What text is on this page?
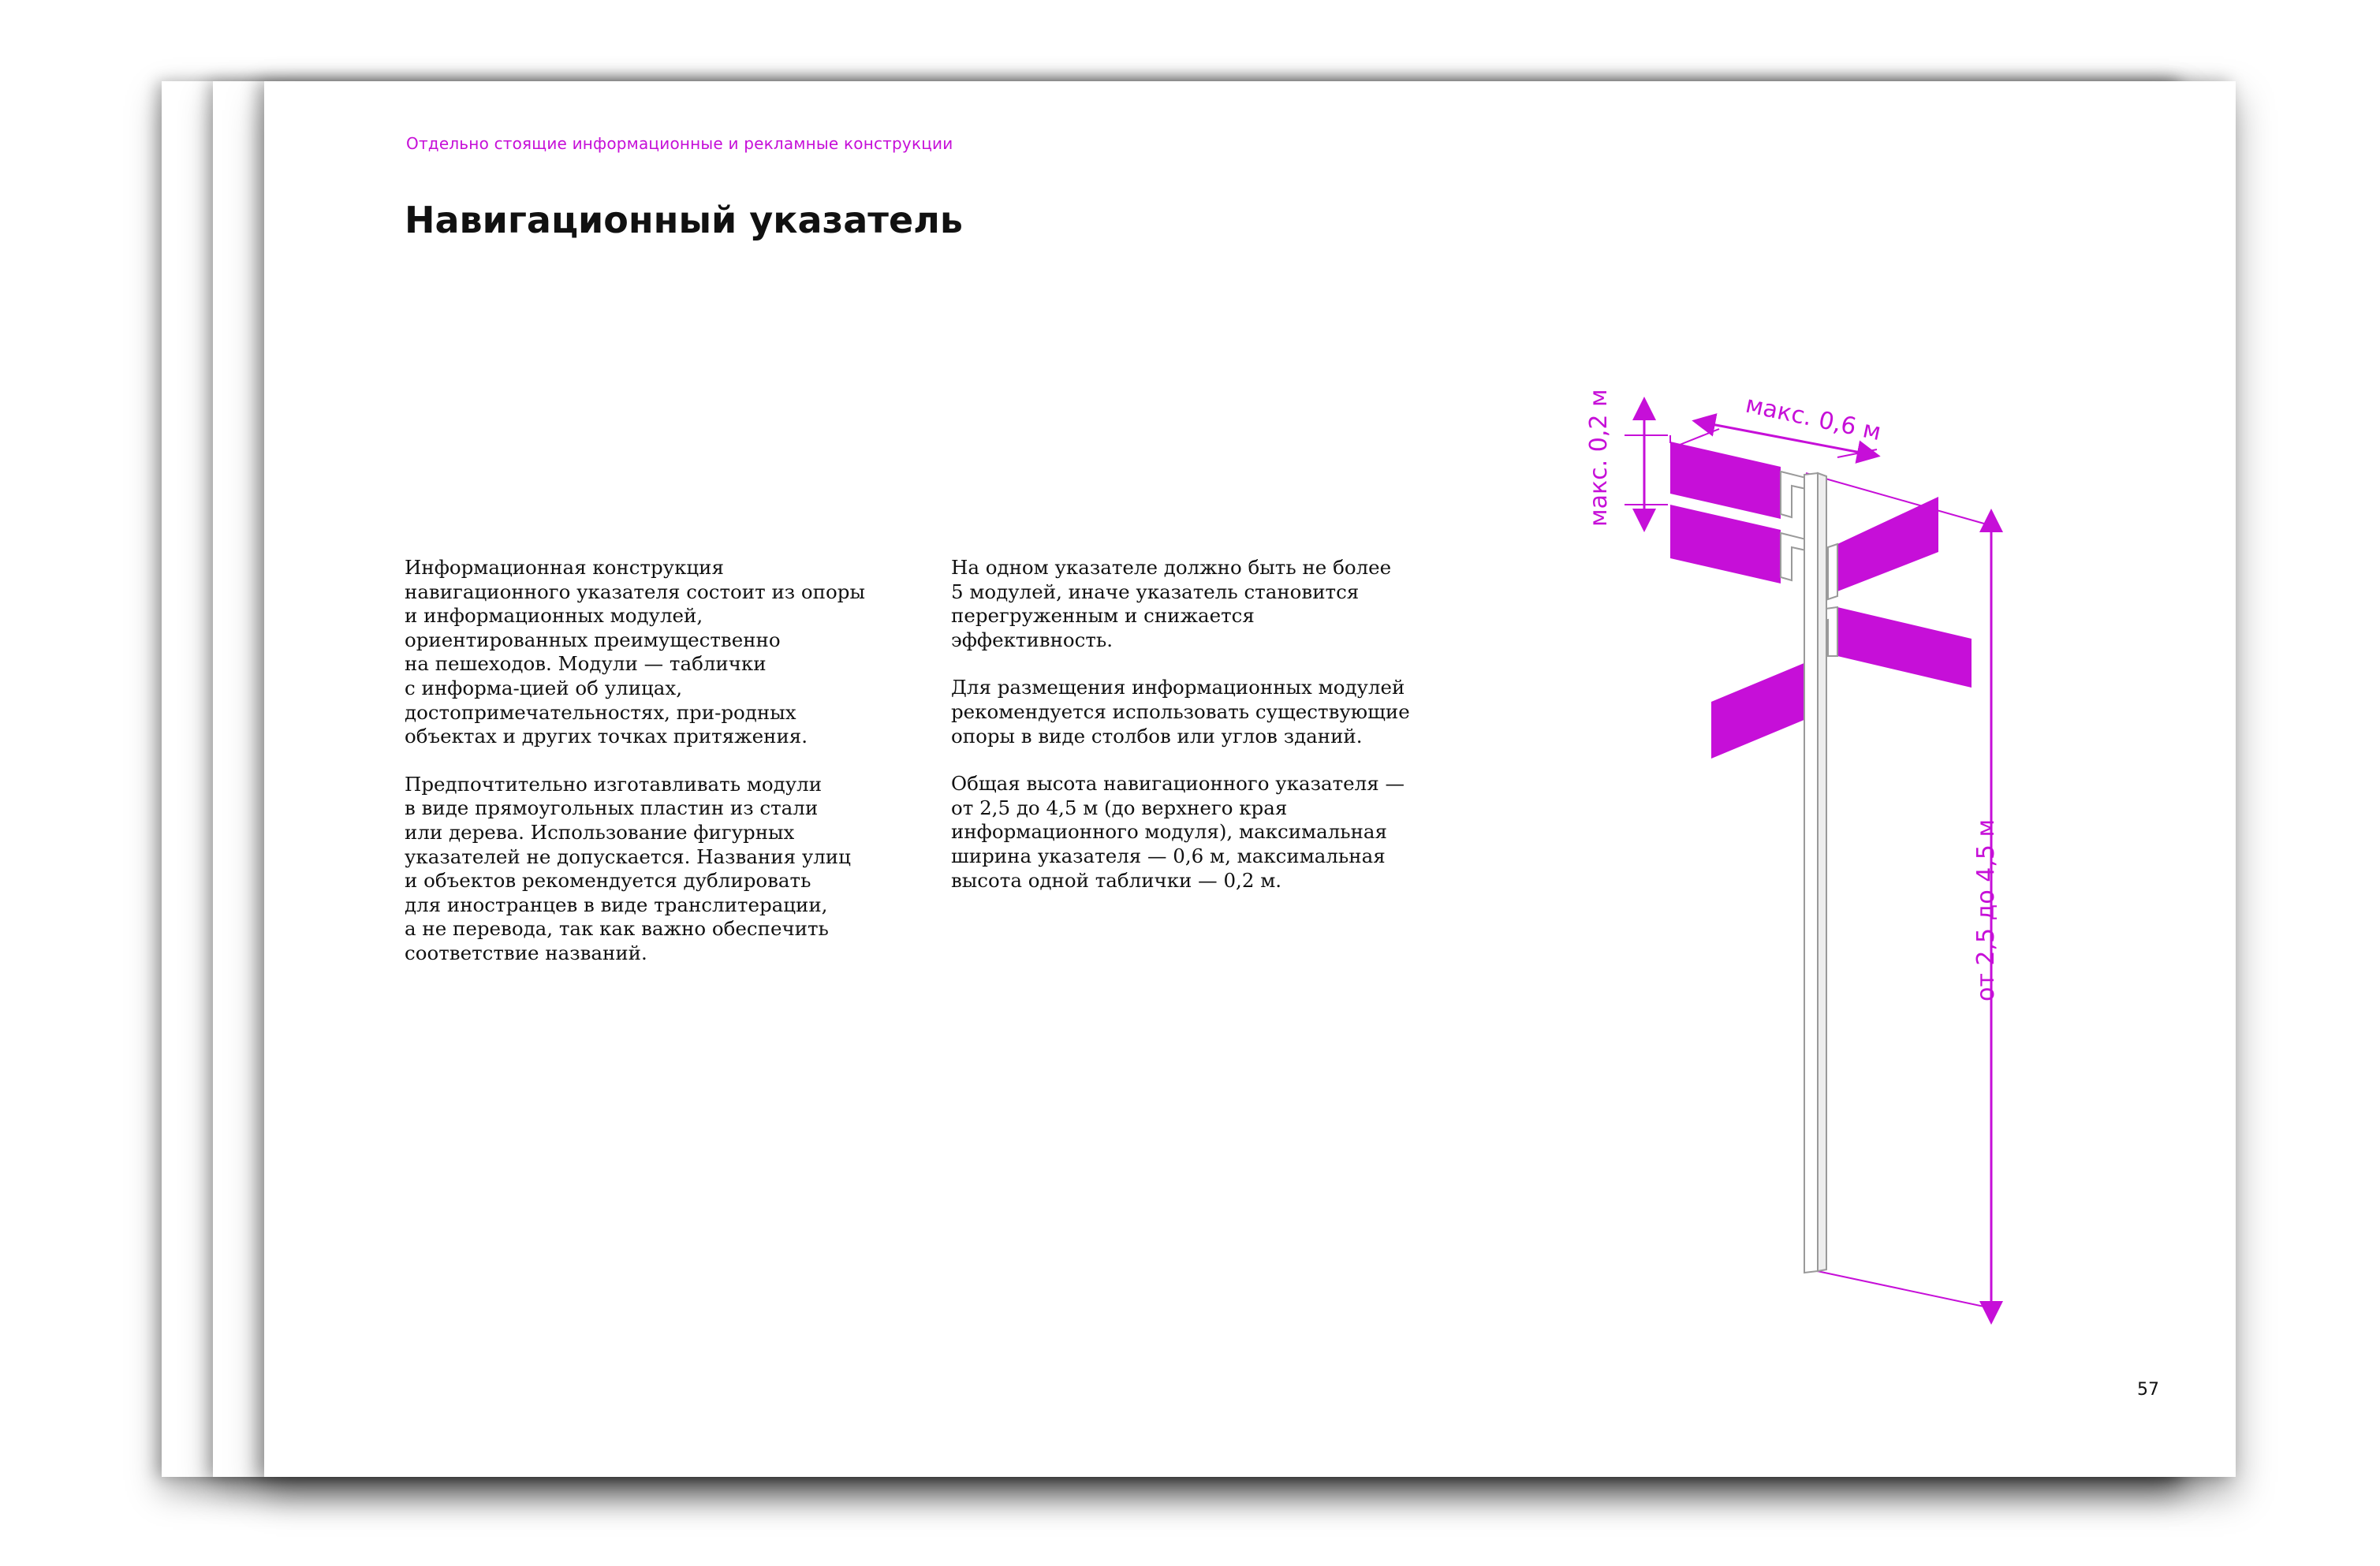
Отдельно стоящие информационные и рекламные конструкции
Навигационный указатель

Информационная конструкция
навигационного указателя состоит из опоры
и информационных модулей,
ориентированных преимущественно
на пешеходов. Модули — таблички
с информа-цией об улицах,
достопримечательностях, при-родных
объектах и других точках притяжения.

Предпочтительно изготавливать модули
в виде прямоугольных пластин из стали
или дерева. Использование фигурных
указателей не допускается. Названия улиц
и объектов рекомендуется дублировать
для иностранцев в виде транслитерации,
а не перевода, так как важно обеспечить
соответствие названий.

На одном указателе должно быть не более
5 модулей, иначе указатель становится
перегруженным и снижается
эффективность.

Для размещения информационных модулей
рекомендуется использовать существующие
опоры в виде столбов или углов зданий.

Общая высота навигационного указателя —
от 2,5 до 4,5 м (до верхнего края
информационного модуля), максимальная
ширина указателя — 0,6 м, максимальная
высота одной таблички — 0,2 м.

макс. 0,2 м	макс. 0,6 м
от 2,5 до 4,5 м
57
